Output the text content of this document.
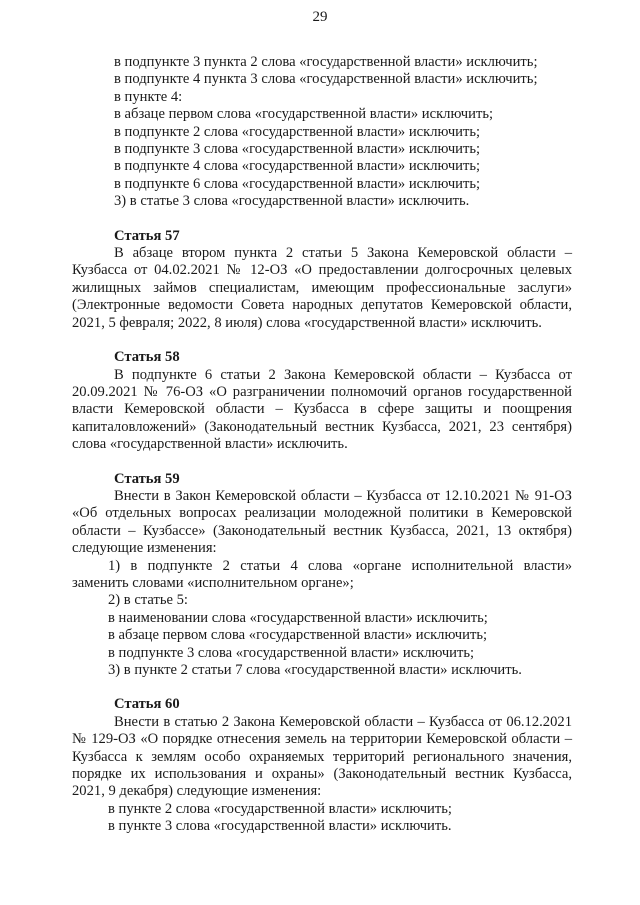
29
в подпункте 3 пункта 2 слова «государственной власти» исключить;
в подпункте 4 пункта 3 слова «государственной власти» исключить;
в пункте 4:
в абзаце первом слова «государственной власти» исключить;
в подпункте 2 слова «государственной власти» исключить;
в подпункте 3 слова «государственной власти» исключить;
в подпункте 4 слова «государственной власти» исключить;
в подпункте 6 слова «государственной власти» исключить;
3) в статье 3 слова «государственной власти» исключить.
Статья 57
В абзаце втором пункта 2 статьи 5 Закона Кемеровской области – Кузбасса от 04.02.2021 № 12-ОЗ «О предоставлении долгосрочных целевых жилищных займов специалистам, имеющим профессиональные заслуги» (Электронные ведомости Совета народных депутатов Кемеровской области, 2021, 5 февраля; 2022, 8 июля) слова «государственной власти» исключить.
Статья 58
В подпункте 6 статьи 2 Закона Кемеровской области – Кузбасса от 20.09.2021 № 76-ОЗ «О разграничении полномочий органов государственной власти Кемеровской области – Кузбасса в сфере защиты и поощрения капиталовложений» (Законодательный вестник Кузбасса, 2021, 23 сентября) слова «государственной власти» исключить.
Статья 59
Внести в Закон Кемеровской области – Кузбасса от 12.10.2021 № 91-ОЗ «Об отдельных вопросах реализации молодежной политики в Кемеровской области – Кузбассе» (Законодательный вестник Кузбасса, 2021, 13 октября) следующие изменения:
1) в подпункте 2 статьи 4 слова «органе исполнительной власти» заменить словами «исполнительном органе»;
2) в статье 5:
в наименовании слова «государственной власти» исключить;
в абзаце первом слова «государственной власти» исключить;
в подпункте 3 слова «государственной власти» исключить;
3) в пункте 2 статьи 7 слова «государственной власти» исключить.
Статья 60
Внести в статью 2 Закона Кемеровской области – Кузбасса от 06.12.2021 № 129-ОЗ «О порядке отнесения земель на территории Кемеровской области – Кузбасса к землям особо охраняемых территорий регионального значения, порядке их использования и охраны» (Законодательный вестник Кузбасса, 2021, 9 декабря) следующие изменения:
в пункте 2 слова «государственной власти» исключить;
в пункте 3 слова «государственной власти» исключить.
